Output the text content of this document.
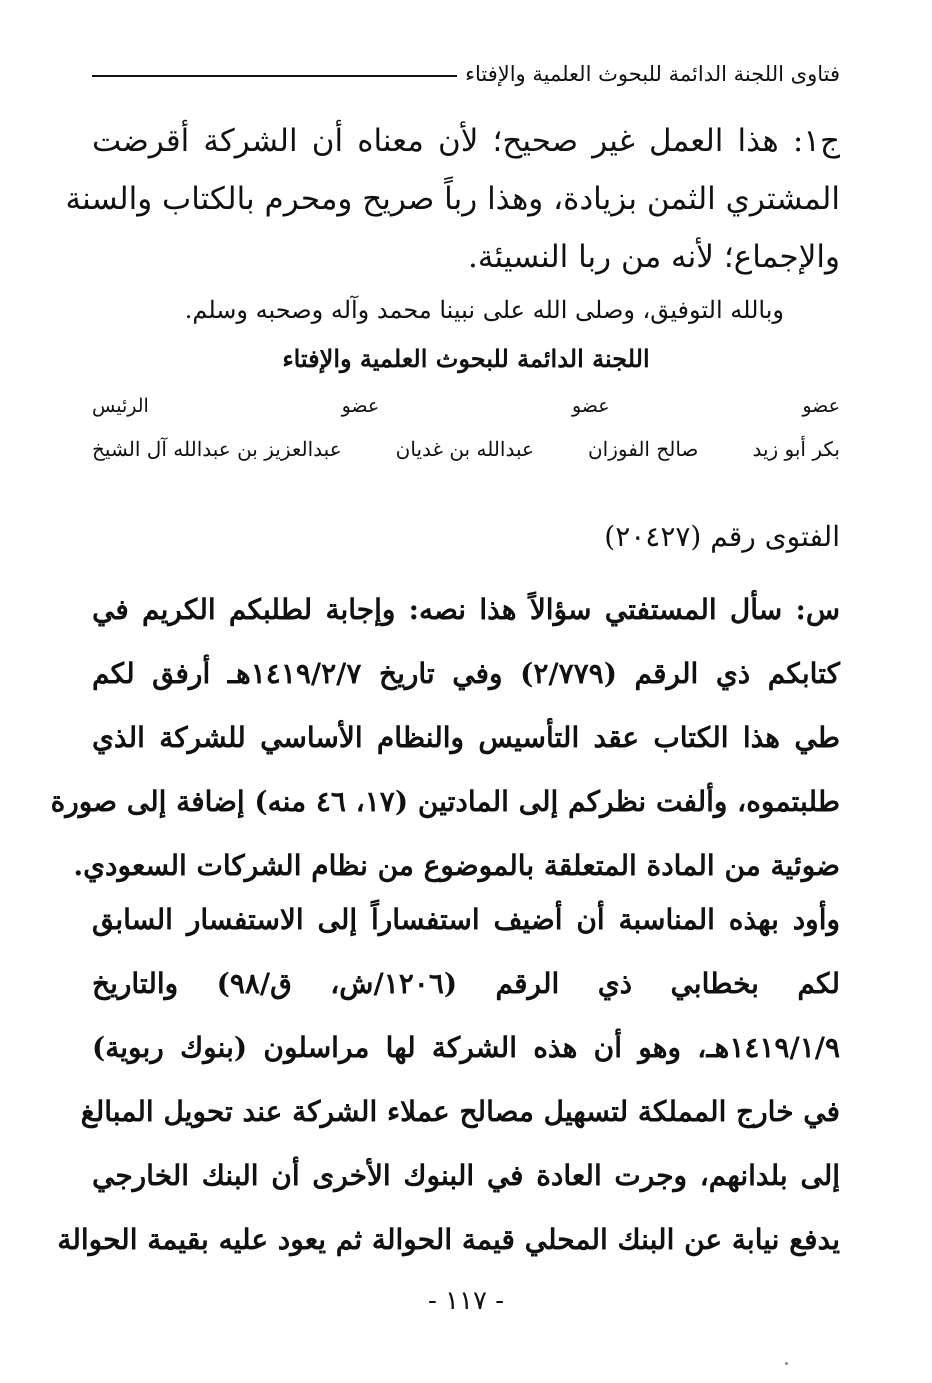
فتاوى اللجنة الدائمة للبحوث العلمية والإفتاء
ج١: هذا العمل غير صحيح؛ لأن معناه أن الشركة أقرضت
المشتري الثمن بزيادة، وهذا رباً صريح ومحرم بالكتاب والسنة
والإجماع؛ لأنه من ربا النسيئة.
وبالله التوفيق، وصلى الله على نبينا محمد وآله وصحبه وسلم.
اللجنة الدائمة للبحوث العلمية والإفتاء
عضو
عضو
عضو
الرئيس
بكر أبو زيد
صالح الفوزان
عبدالله بن غديان
عبدالعزيز بن عبدالله آل الشيخ
الفتوى رقم (٢٠٤٢٧)
س: سأل المستفتي سؤالاً هذا نصه: وإجابة لطلبكم الكريم في
كتابكم ذي الرقم (٢/٧٧٩) وفي تاريخ ١٤١٩/٢/٧هـ أرفق لكم
طي هذا الكتاب عقد التأسيس والنظام الأساسي للشركة الذي
طلبتموه، وألفت نظركم إلى المادتين (١٧، ٤٦ منه) إضافة إلى صورة
ضوئية من المادة المتعلقة بالموضوع من نظام الشركات السعودي.
وأود بهذه المناسبة أن أضيف استفساراً إلى الاستفسار السابق
لكم بخطابي ذي الرقم (١٢٠٦/ش، ق/٩٨) والتاريخ
١٤١٩/١/٩هـ، وهو أن هذه الشركة لها مراسلون (بنوك ربوية)
في خارج المملكة لتسهيل مصالح عملاء الشركة عند تحويل المبالغ
إلى بلدانهم، وجرت العادة في البنوك الأخرى أن البنك الخارجي
يدفع نيابة عن البنك المحلي قيمة الحوالة ثم يعود عليه بقيمة الحوالة
- ١١٧ -
